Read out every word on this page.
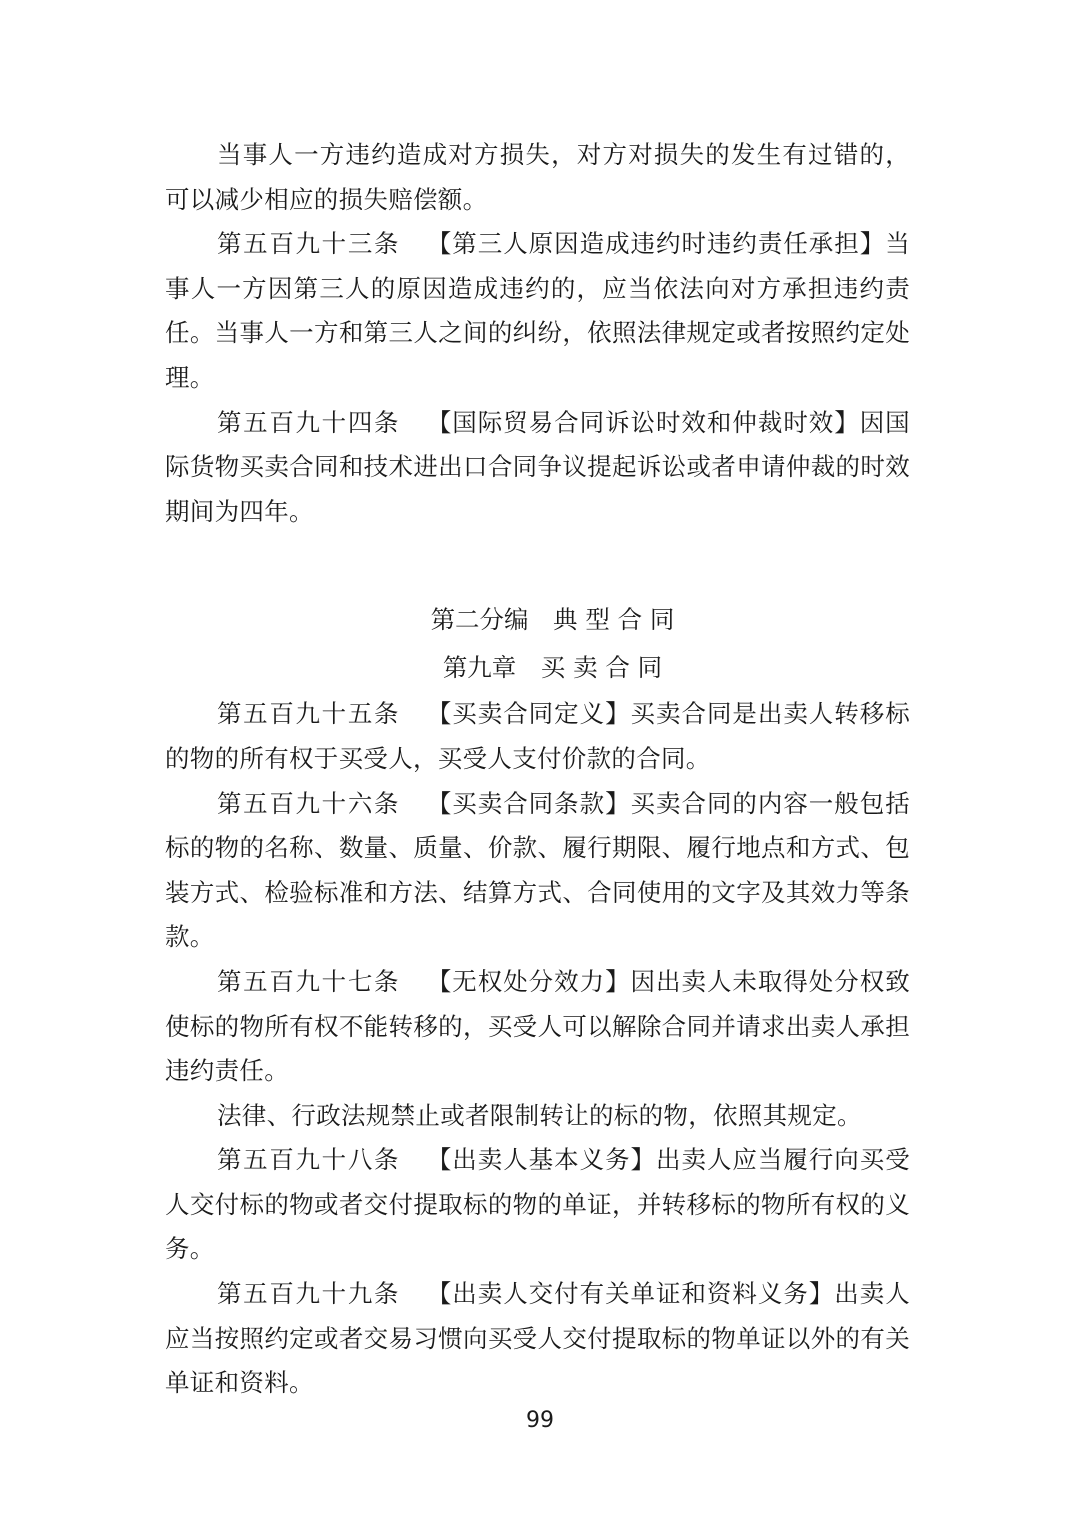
当事人一方违约造成对方损失，对方对损失的发生有过错的，可以减少相应的损失赔偿额。

第五百九十三条 【第三人原因造成违约时违约责任承担】当事人一方因第三人的原因造成违约的，应当依法向对方承担违约责任。当事人一方和第三人之间的纠纷，依照法律规定或者按照约定处理。

第五百九十四条 【国际贸易合同诉讼时效和仲裁时效】因国际货物买卖合同和技术进出口合同争议提起诉讼或者申请仲裁的时效期间为四年。

第二分编　典 型 合 同

第九章　买 卖 合 同

第五百九十五条 【买卖合同定义】买卖合同是出卖人转移标的物的所有权于买受人，买受人支付价款的合同。

第五百九十六条 【买卖合同条款】买卖合同的内容一般包括标的物的名称、数量、质量、价款、履行期限、履行地点和方式、包装方式、检验标准和方法、结算方式、合同使用的文字及其效力等条款。

第五百九十七条 【无权处分效力】因出卖人未取得处分权致使标的物所有权不能转移的，买受人可以解除合同并请求出卖人承担违约责任。

法律、行政法规禁止或者限制转让的标的物，依照其规定。

第五百九十八条 【出卖人基本义务】出卖人应当履行向买受人交付标的物或者交付提取标的物的单证，并转移标的物所有权的义务。

第五百九十九条 【出卖人交付有关单证和资料义务】出卖人应当按照约定或者交易习惯向买受人交付提取标的物单证以外的有关单证和资料。

99
